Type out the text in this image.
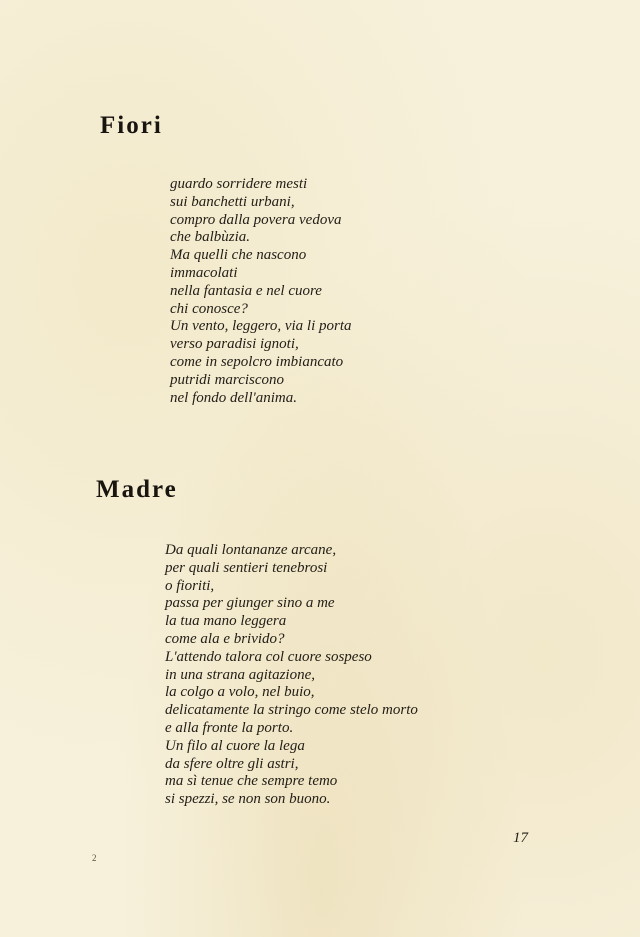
Fiori
guardo sorridere mesti
sui banchetti urbani,
compro dalla povera vedova
che balbùzia.
Ma quelli che nascono
immacolati
nella fantasia e nel cuore
chi conosce?
Un vento, leggero, via li porta
verso paradisi ignoti,
come in sepolcro imbiancato
putridi marciscono
nel fondo dell'anima.
Madre
Da quali lontananze arcane,
per quali sentieri tenebrosi
o fioriti,
passa per giunger sino a me
la tua mano leggera
come ala e brivido?
L'attendo talora col cuore sospeso
in una strana agitazione,
la colgo a volo, nel buio,
delicatamente la stringo come stelo morto
e alla fronte la porto.
Un filo al cuore la lega
da sfere oltre gli astri,
ma sì tenue che sempre temo
si spezzi, se non son buono.
17
2
